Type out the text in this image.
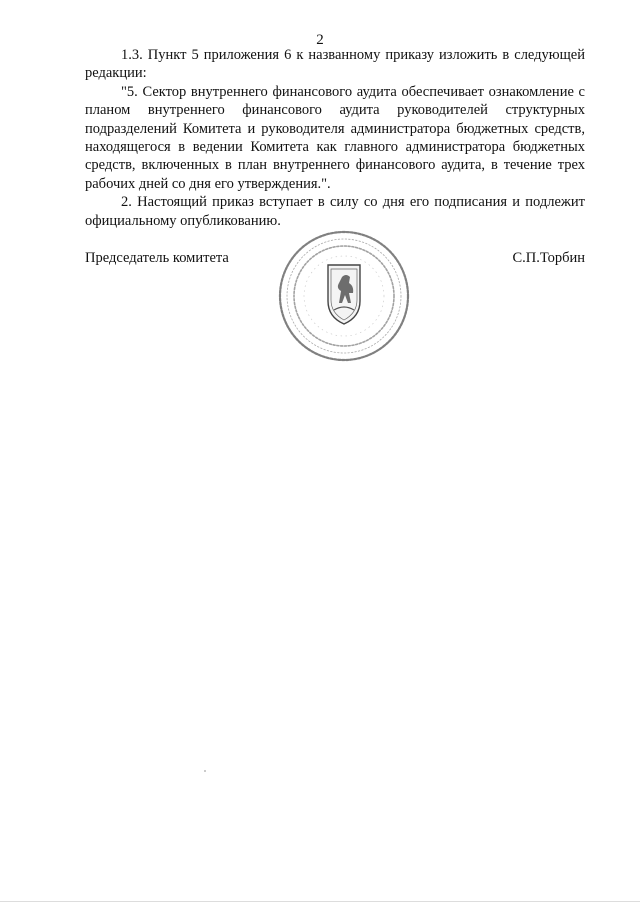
2

1.3. Пункт 5 приложения 6 к названному приказу изложить в следующей редакции:

"5. Сектор внутреннего финансового аудита обеспечивает ознакомление с планом внутреннего финансового аудита руководителей структурных подразделений Комитета и руководителя администратора бюджетных средств, находящегося в ведении Комитета как главного администратора бюджетных средств, включенных в план внутреннего финансового аудита, в течение трех рабочих дней со дня его утверждения.".

2. Настоящий приказ вступает в силу со дня его подписания и подлежит официальному опубликованию.

Председатель комитета	С.П.Торбин
